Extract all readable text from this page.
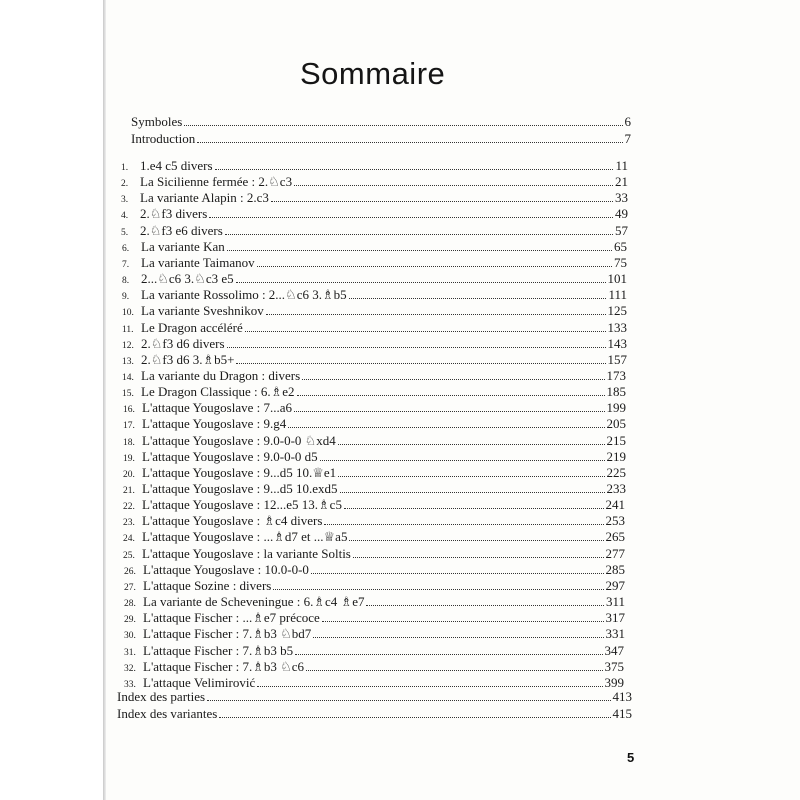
Sommaire
Symboles	6
Introduction	7
1. 1.e4 c5 divers	11
2. La Sicilienne fermée : 2.♘c3	21
3. La variante Alapin : 2.c3	33
4. 2.♘f3 divers	49
5. 2.♘f3 e6 divers	57
6. La variante Kan	65
7. La variante Taimanov	75
8. 2...♘c6 3.♘c3 e5	101
9. La variante Rossolimo : 2...♘c6 3.♗b5	111
10. La variante Sveshnikov	125
11. Le Dragon accéléré	133
12. 2.♘f3 d6 divers	143
13. 2.♘f3 d6 3.♗b5+	157
14. La variante du Dragon : divers	173
15. Le Dragon Classique : 6.♗e2	185
16. L'attaque Yougoslave : 7...a6	199
17. L'attaque Yougoslave : 9.g4	205
18. L'attaque Yougoslave : 9.0-0-0 ♘xd4	215
19. L'attaque Yougoslave : 9.0-0-0 d5	219
20. L'attaque Yougoslave : 9...d5 10.♕e1	225
21. L'attaque Yougoslave : 9...d5 10.exd5	233
22. L'attaque Yougoslave : 12...e5 13.♗c5	241
23. L'attaque Yougoslave : ♗c4 divers	253
24. L'attaque Yougoslave : ...♗d7 et ...♕a5	265
25. L'attaque Yougoslave : la variante Soltis	277
26. L'attaque Yougoslave : 10.0-0-0	285
27. L'attaque Sozine : divers	297
28. La variante de Scheveningue : 6.♗c4 ♗e7	311
29. L'attaque Fischer : ...♗e7 précoce	317
30. L'attaque Fischer : 7.♗b3 ♘bd7	331
31. L'attaque Fischer : 7.♗b3 b5	347
32. L'attaque Fischer : 7.♗b3 ♘c6	375
33. L'attaque Velimirović	399
Index des parties	413
Index des variantes	415
5
